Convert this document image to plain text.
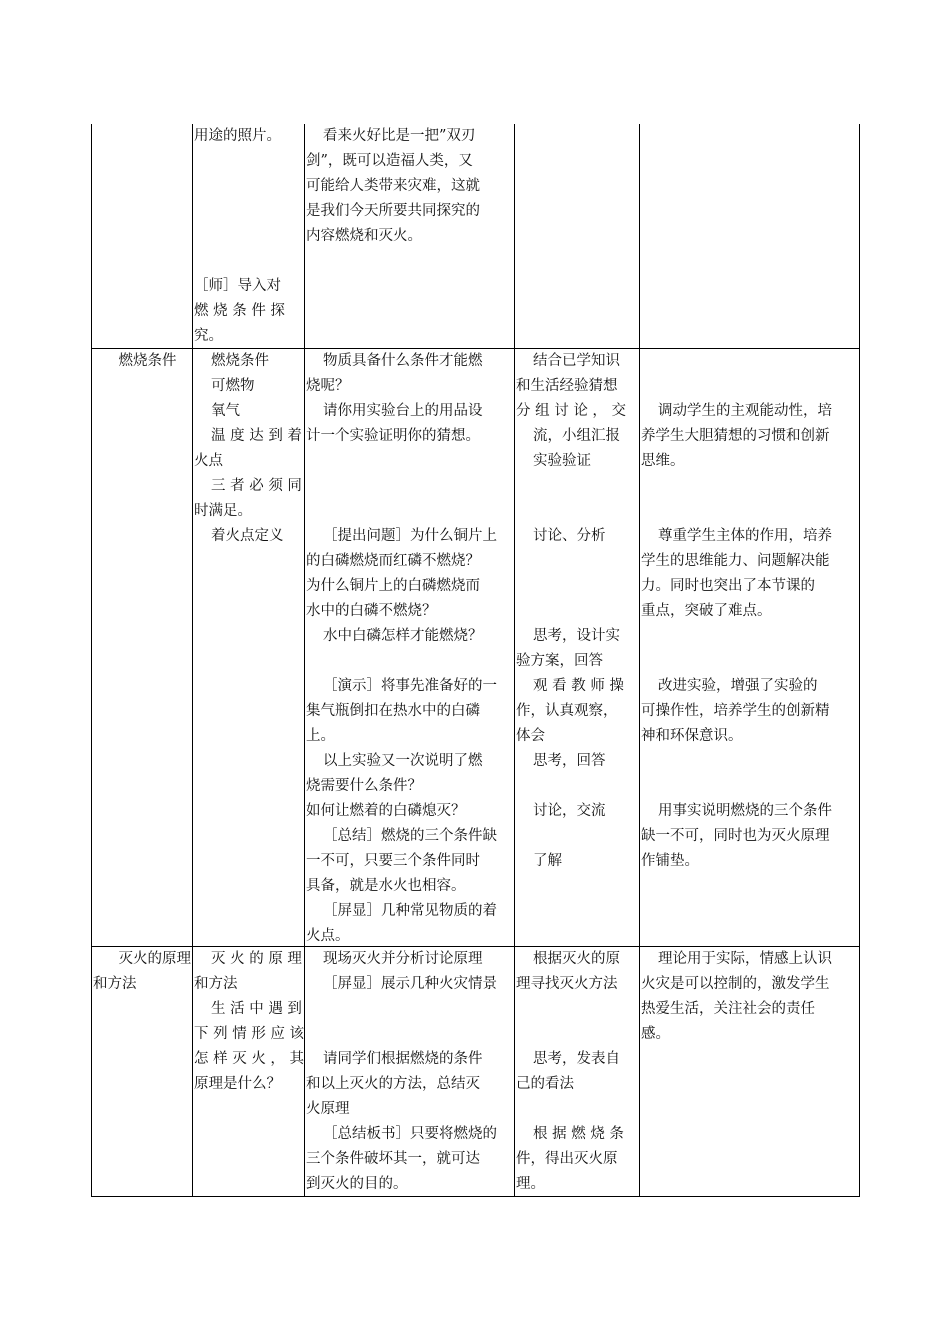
用途的照片。

［师］导入对

燃 烧 条 件 探

究。

看来火好比是一把”双刃

剑”，既可以造福人类，又

可能给人类带来灾难，这就

是我们今天所要共同探究的

内容燃烧和灭火。

燃烧条件	燃烧条件

可燃物

氧气

温 度 达 到 着

火点

三 者 必 须 同

时满足。

着火点定义

物质具备什么条件才能燃

烧呢？

请你用实验台上的用品设

计一个实验证明你的猜想。

［提出问题］为什么铜片上

的白磷燃烧而红磷不燃烧？

为什么铜片上的白磷燃烧而

水中的白磷不燃烧？

水中白磷怎样才能燃烧？

［演示］将事先准备好的一

集气瓶倒扣在热水中的白磷

上。

以上实验又一次说明了燃

烧需要什么条件？

如何让燃着的白磷熄灭？

［总结］燃烧的三个条件缺

一不可，只要三个条件同时

具备，就是水火也相容。

［屏显］几种常见物质的着

火点。

结合已学知识

和生活经验猜想

分 组 讨 论 ， 交

流，小组汇报

实验验证

讨论、分析

思考，设计实

验方案，回答

观 看 教 师 操

作，认真观察，

体会

思考，回答

讨论，交流

了解

调动学生的主观能动性，培

养学生大胆猜想的习惯和创新

思维。

尊重学生主体的作用，培养

学生的思维能力、问题解决能

力。同时也突出了本节课的

重点，突破了难点。

改进实验，增强了实验的

可操作性，培养学生的创新精

神和环保意识。

用事实说明燃烧的三个条件

缺一不可，同时也为灭火原理

作铺垫。

灭火的原理

和方法

灭 火 的 原 理

和方法

生 活 中 遇 到

下 列 情 形 应 该

怎 样 灭 火 ， 其

原理是什么？

现场灭火并分析讨论原理

［屏显］展示几种火灾情景

请同学们根据燃烧的条件

和以上灭火的方法，总结灭

火原理

［总结板书］只要将燃烧的

三个条件破坏其一，就可达

到灭火的目的。

根据灭火的原

理寻找灭火方法

思考，发表自

己的看法

根 据 燃 烧 条

件，得出灭火原

理。

理论用于实际，情感上认识

火灾是可以控制的，激发学生

热爱生活，关注社会的责任

感。
